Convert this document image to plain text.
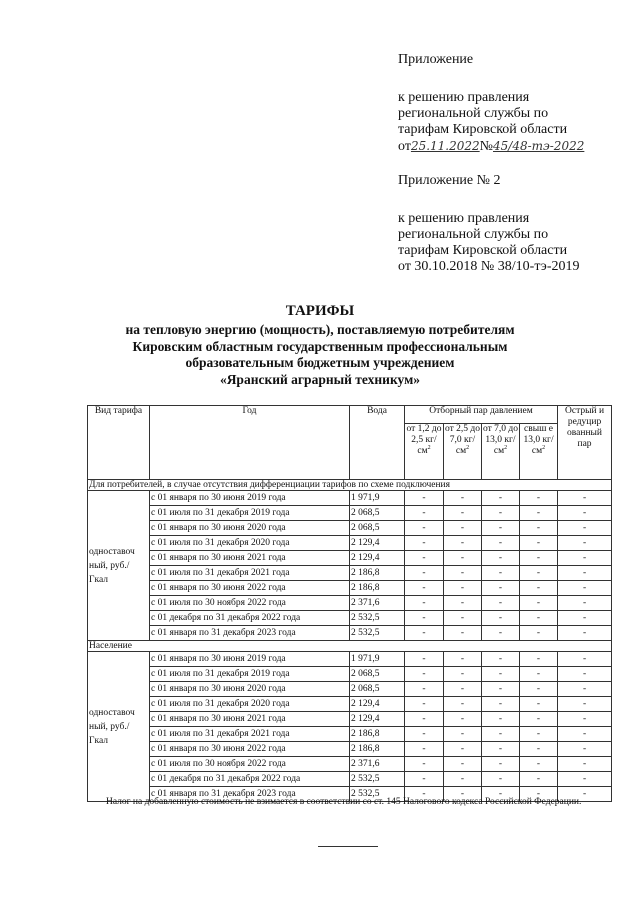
Приложение
к решению правления
региональной службы по
тарифам Кировской области
от25.11.2022№45/48-тэ-2022
Приложение № 2
к решению правления
региональной службы по
тарифам Кировской области
от 30.10.2018 № 38/10-тэ-2019
ТАРИФЫ
на тепловую энергию (мощность), поставляемую потребителям
Кировским областным государственным профессиональным
образовательным бюджетным учреждением
«Яранский аграрный техникум»
Вид тарифа	Год	Вода	Отборный пар давлением				Острый и редуцир ованный пар
			от 1,2 до 2,5 $кг/см^2$	от 2,5 до 7,0 $кг/см^2$	от 7,0 до 13,0 $кг/см^2$	свыш е 13,0 $кг/см^2$
Для потребителей, в случае отсутствия дифференциации тарифов по схеме подключения							
одноставоч ный, руб./Гкал	с 01 января по 30 июня 2019 года	1 971,9	-	-	-	-	-
	с 01 июля по 31 декабря 2019 года	2 068,5	-	-	-	-	-
	с 01 января по 30 июня 2020 года	2 068,5	-	-	-	-	-
	с 01 июля по 31 декабря 2020 года	2 129,4	-	-	-	-	-
	с 01 января по 30 июня 2021 года	2 129,4	-	-	-	-	-
	с 01 июля по 31 декабря 2021 года	2 186,8	-	-	-	-	-
	с 01 января по 30 июня 2022 года	2 186,8	-	-	-	-	-
	с 01 июля по 30 ноября 2022 года	2 371,6	-	-	-	-	-
	с 01 декабря по 31 декабря 2022 года	2 532,5	-	-	-	-	-
	с 01 января по 31 декабря 2023 года	2 532,5	-	-	-	-	-
Население							
одноставоч ный, руб./Гкал	с 01 января по 30 июня 2019 года	1 971,9	-	-	-	-	-
	с 01 июля по 31 декабря 2019 года	2 068,5	-	-	-	-	-
	с 01 января по 30 июня 2020 года	2 068,5	-	-	-	-	-
	с 01 июля по 31 декабря 2020 года	2 129,4	-	-	-	-	-
	с 01 января по 30 июня 2021 года	2 129,4	-	-	-	-	-
	с 01 июля по 31 декабря 2021 года	2 186,8	-	-	-	-	-
	с 01 января по 30 июня 2022 года	2 186,8	-	-	-	-	-
	с 01 июля по 30 ноября 2022 года	2 371,6	-	-	-	-	-
	с 01 декабря по 31 декабря 2022 года	2 532,5	-	-	-	-	-
	с 01 января по 31 декабря 2023 года	2 532,5	-	-	-	-	-
Налог на добавленную стоимость не взимается в соответствии со ст. 145 Налогового кодекса Российской Федерации.
